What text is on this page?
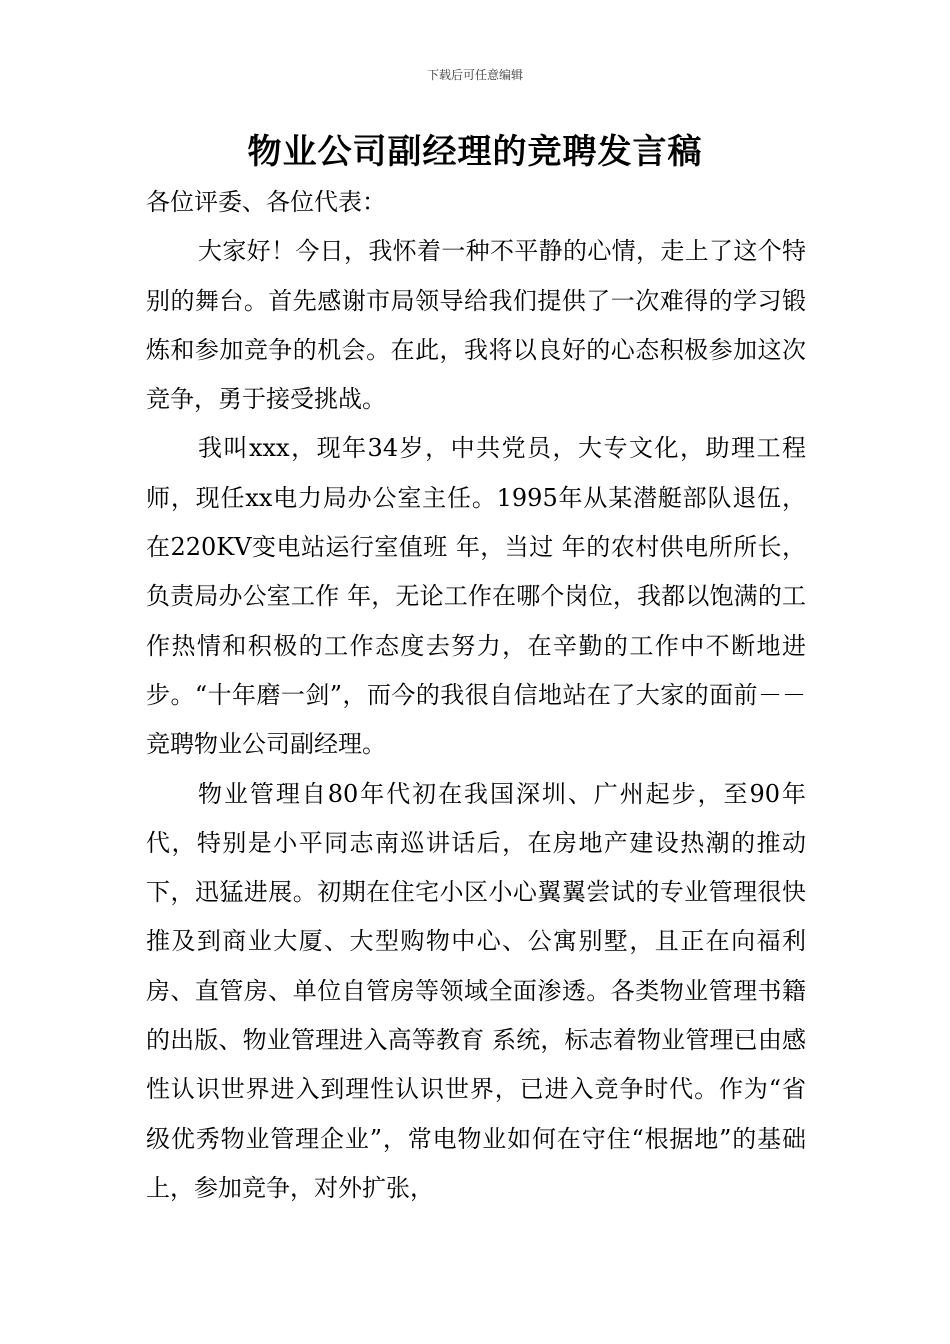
下载后可任意编辑
物业公司副经理的竞聘发言稿

各位评委、各位代表：

大家好！今日，我怀着一种不平静的心情，走上了这个特别的舞台。首先感谢市局领导给我们提供了一次难得的学习锻炼和参加竞争的机会。在此，我将以良好的心态积极参加这次竞争，勇于接受挑战。

我叫xxx，现年34岁，中共党员，大专文化，助理工程师，现任xx电力局办公室主任。1995年从某潜艇部队退伍，在220KV变电站运行室值班 年，当过 年的农村供电所所长，负责局办公室工作 年，无论工作在哪个岗位，我都以饱满的工作热情和积极的工作态度去努力，在辛勤的工作中不断地进步。“十年磨一剑”，而今的我很自信地站在了大家的面前－－竞聘物业公司副经理。

物业管理自80年代初在我国深圳、广州起步，至90年代，特别是小平同志南巡讲话后，在房地产建设热潮的推动下，迅猛进展。初期在住宅小区小心翼翼尝试的专业管理很快推及到商业大厦、大型购物中心、公寓别墅，且正在向福利房、直管房、单位自管房等领域全面渗透。各类物业管理书籍的出版、物业管理进入高等教育 系统，标志着物业管理已由感性认识世界进入到理性认识世界，已进入竞争时代。作为“省级优秀物业管理企业”，常电物业如何在守住“根据地”的基础上，参加竞争，对外扩张，
